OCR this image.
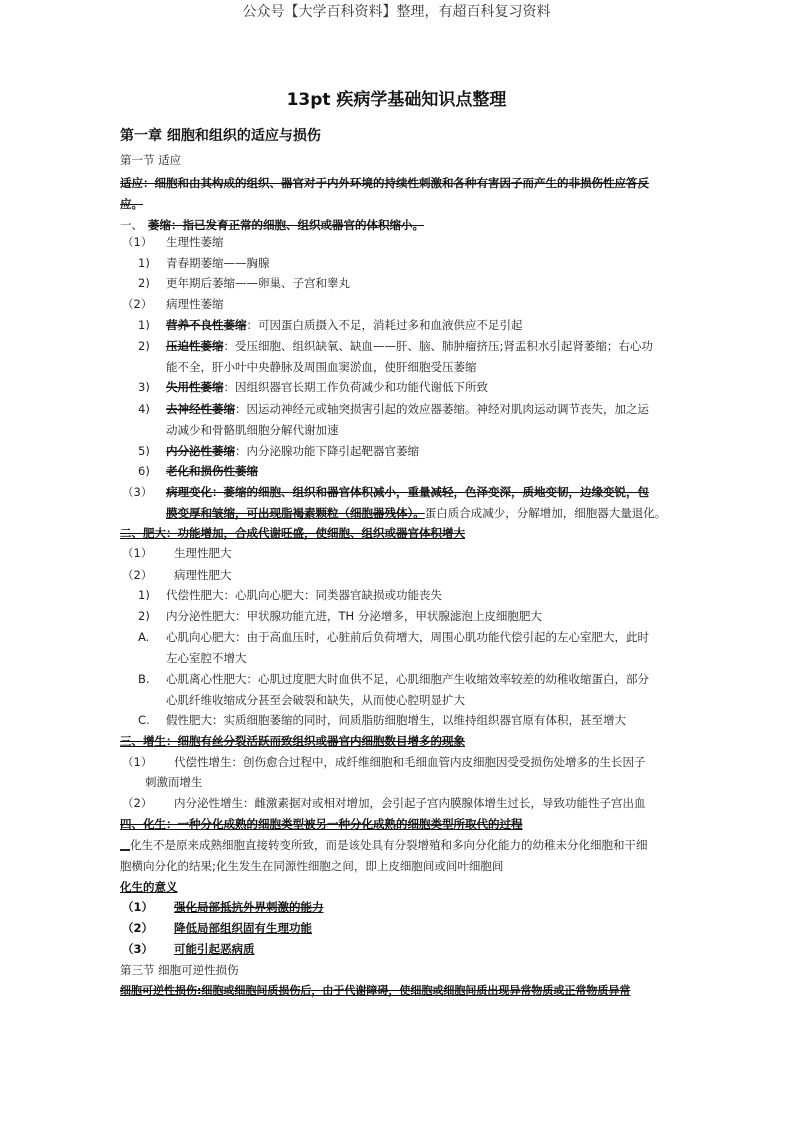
公众号【大学百科资料】整理，有超百科复习资料
13pt 疾病学基础知识点整理
第一章 细胞和组织的适应与损伤
第一节 适应
适应：细胞和由其构成的组织、器官对于内外环境的持续性刺激和各种有害因子而产生的非损伤性应答反
应。
一、 萎缩：指已发育正常的细胞、组织或器官的体积缩小。
（1） 生理性萎缩
1) 青春期萎缩——胸腺
2) 更年期后萎缩——卵巢、子宫和睾丸
（2） 病理性萎缩
1) 营养不良性萎缩：可因蛋白质摄入不足，消耗过多和血液供应不足引起
2) 压迫性萎缩：受压细胞、组织缺氧、缺血——肝、脑、肺肿瘤挤压;肾盂积水引起肾萎缩；右心功
能不全，肝小叶中央静脉及周围血窦淤血，使肝细胞受压萎缩
3) 失用性萎缩：因组织器官长期工作负荷减少和功能代谢低下所致
4) 去神经性萎缩：因运动神经元或轴突损害引起的效应器萎缩。神经对肌肉运动调节丧失，加之运
动减少和骨骼肌细胞分解代谢加速
5) 内分泌性萎缩：内分泌腺功能下降引起靶器官萎缩
6) 老化和损伤性萎缩
（3） 病理变化：萎缩的细胞、组织和器官体积减小，重量减轻，色泽变深，质地变韧，边缘变锐，包
膜变厚和皱缩，可出现脂褐素颗粒（细胞器残体）。蛋白质合成减少，分解增加，细胞器大量退化。
二、肥大：功能增加，合成代谢旺盛，使细胞、组织或器官体积增大
（1） 生理性肥大
（2） 病理性肥大
1) 代偿性肥大：心肌向心肥大：同类器官缺损或功能丧失
2) 内分泌性肥大：甲状腺功能亢进，TH 分泌增多，甲状腺滤泡上皮细胞肥大
A. 心肌向心肥大：由于高血压时，心脏前后负荷增大，周围心肌功能代偿引起的左心室肥大，此时
左心室腔不增大
B. 心肌离心性肥大：心肌过度肥大时血供不足，心肌细胞产生收缩效率较差的幼稚收缩蛋白，部分
心肌纤维收缩成分甚至会破裂和缺失，从而使心腔明显扩大
C. 假性肥大：实质细胞萎缩的同时，间质脂肪细胞增生，以维持组织器官原有体积，甚至增大
三、增生：细胞有丝分裂活跃而致组织或器官内细胞数目增多的现象
（1） 代偿性增生：创伤愈合过程中，成纤维细胞和毛细血管内皮细胞因受受损伤处增多的生长因子
刺激而增生
（2） 内分泌性增生：雌激素据对或相对增加，会引起子宫内膜腺体增生过长，导致功能性子宫出血
四、化生：一种分化成熟的细胞类型被另一种分化成熟的细胞类型所取代的过程
化生不是原来成熟细胞直接转变所致，而是该处具有分裂增殖和多向分化能力的幼稚未分化细胞和干细
胞横向分化的结果;化生发生在同源性细胞之间，即上皮细胞间或间叶细胞间
化生的意义
（1） 强化局部抵抗外界刺激的能力
（2） 降低局部组织固有生理功能
（3） 可能引起恶病质
第三节 细胞可逆性损伤
细胞可逆性损伤:细胞或细胞间质损伤后，由于代谢障碍，使细胞或细胞间质出现异常物质或正常物质异常
